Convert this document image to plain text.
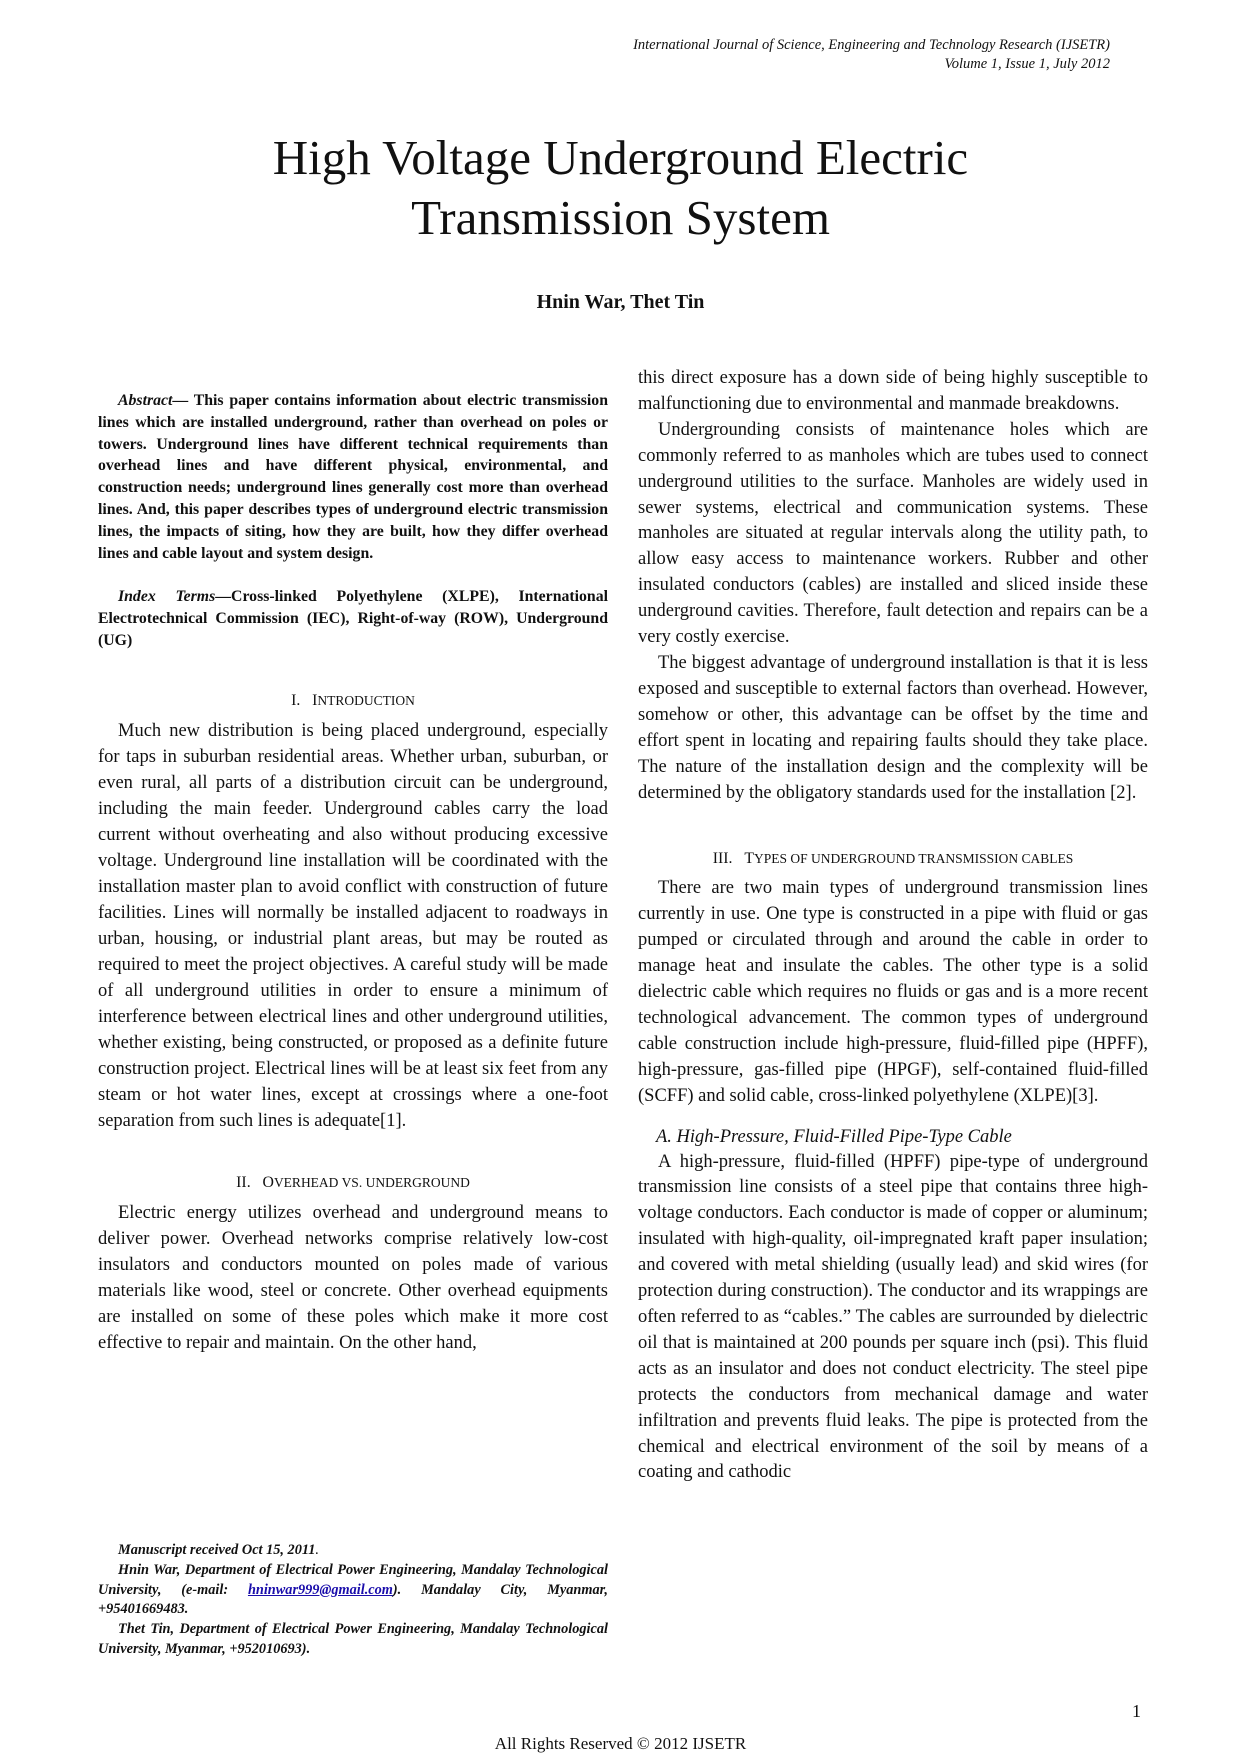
International Journal of Science, Engineering and Technology Research (IJSETR)
Volume 1, Issue 1, July 2012
High Voltage Underground Electric
Transmission System
Hnin War, Thet Tin

Abstract— This paper contains information about electric transmission lines which are installed underground, rather than overhead on poles or towers. Underground lines have different technical requirements than overhead lines and have different physical, environmental, and construction needs; underground lines generally cost more than overhead lines. And, this paper describes types of underground electric transmission lines, the impacts of siting, how they are built, how they differ overhead lines and cable layout and system design.

Index Terms—Cross-linked Polyethylene (XLPE), International Electrotechnical Commission (IEC), Right-of-way (ROW), Underground (UG)

I. INTRODUCTION

Much new distribution is being placed underground, especially for taps in suburban residential areas. Whether urban, suburban, or even rural, all parts of a distribution circuit can be underground, including the main feeder. Underground cables carry the load current without overheating and also without producing excessive voltage. Underground line installation will be coordinated with the installation master plan to avoid conflict with construction of future facilities. Lines will normally be installed adjacent to roadways in urban, housing, or industrial plant areas, but may be routed as required to meet the project objectives. A careful study will be made of all underground utilities in order to ensure a minimum of interference between electrical lines and other underground utilities, whether existing, being constructed, or proposed as a definite future construction project. Electrical lines will be at least six feet from any steam or hot water lines, except at crossings where a one-foot separation from such lines is adequate[1].

II. OVERHEAD VS. UNDERGROUND

Electric energy utilizes overhead and underground means to deliver power. Overhead networks comprise relatively low-cost insulators and conductors mounted on poles made of various materials like wood, steel or concrete. Other overhead equipments are installed on some of these poles which make it more cost effective to repair and maintain. On the other hand,

Manuscript received Oct 15, 2011.

Hnin War, Department of Electrical Power Engineering, Mandalay Technological University, (e-mail: hninwar999@gmail.com). Mandalay City, Myanmar, +95401669483.

Thet Tin, Department of Electrical Power Engineering, Mandalay Technological University, Myanmar, +952010693).

this direct exposure has a down side of being highly susceptible to malfunctioning due to environmental and manmade breakdowns.

Undergrounding consists of maintenance holes which are commonly referred to as manholes which are tubes used to connect underground utilities to the surface. Manholes are widely used in sewer systems, electrical and communication systems. These manholes are situated at regular intervals along the utility path, to allow easy access to maintenance workers. Rubber and other insulated conductors (cables) are installed and sliced inside these underground cavities. Therefore, fault detection and repairs can be a very costly exercise.

The biggest advantage of underground installation is that it is less exposed and susceptible to external factors than overhead. However, somehow or other, this advantage can be offset by the time and effort spent in locating and repairing faults should they take place. The nature of the installation design and the complexity will be determined by the obligatory standards used for the installation [2].

III. TYPES OF UNDERGROUND TRANSMISSION CABLES

There are two main types of underground transmission lines currently in use. One type is constructed in a pipe with fluid or gas pumped or circulated through and around the cable in order to manage heat and insulate the cables. The other type is a solid dielectric cable which requires no fluids or gas and is a more recent technological advancement. The common types of underground cable construction include high-pressure, fluid-filled pipe (HPFF), high-pressure, gas-filled pipe (HPGF), self-contained fluid-filled (SCFF) and solid cable, cross-linked polyethylene (XLPE)[3].

A. High-Pressure, Fluid-Filled Pipe-Type Cable

A high-pressure, fluid-filled (HPFF) pipe-type of underground transmission line consists of a steel pipe that contains three high-voltage conductors. Each conductor is made of copper or aluminum; insulated with high-quality, oil-impregnated kraft paper insulation; and covered with metal shielding (usually lead) and skid wires (for protection during construction). The conductor and its wrappings are often referred to as “cables.” The cables are surrounded by dielectric oil that is maintained at 200 pounds per square inch (psi). This fluid acts as an insulator and does not conduct electricity. The steel pipe protects the conductors from mechanical damage and water infiltration and prevents fluid leaks. The pipe is protected from the chemical and electrical environment of the soil by means of a coating and cathodic

1
All Rights Reserved © 2012 IJSETR
